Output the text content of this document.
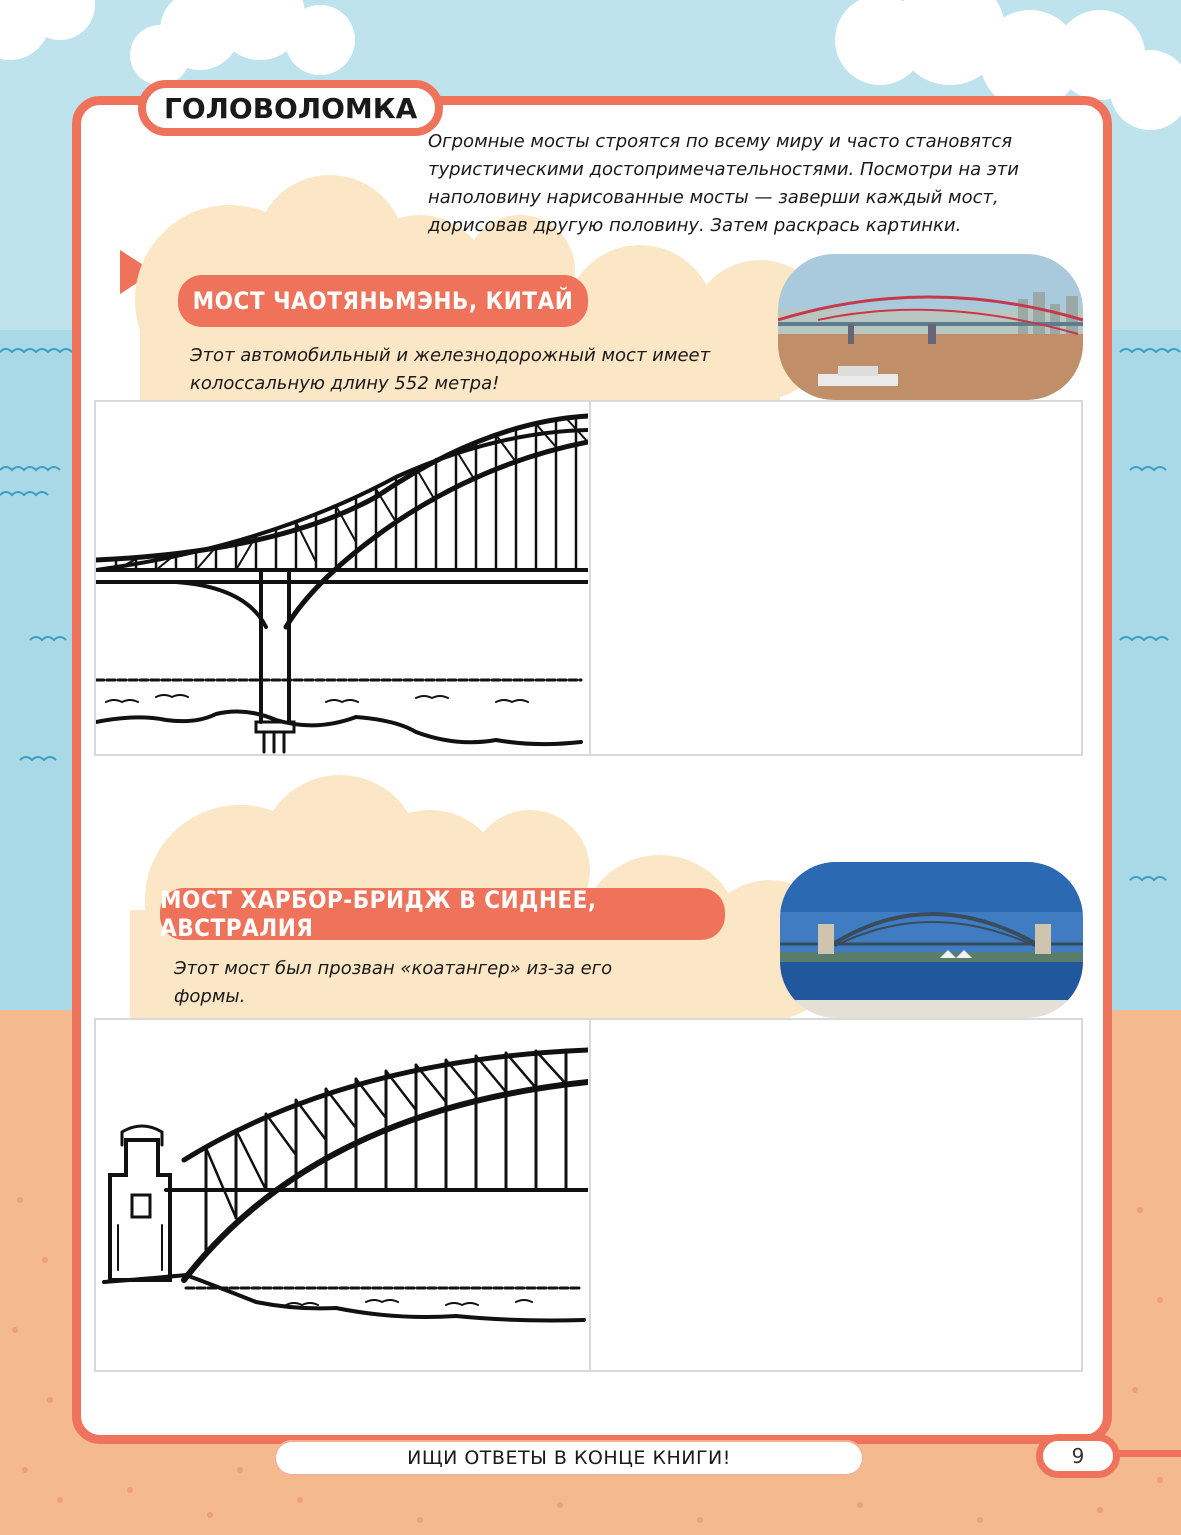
ГОЛОВОЛОМКА
Огромные мосты строятся по всему миру и часто становятся туристическими достопримечательностями. Посмотри на эти наполовину нарисованные мосты — заверши каждый мост, дорисовав другую половину. Затем раскрась картинки.
МОСТ ЧАОТЯНЬМЭНЬ, КИТАЙ
Этот автомобильный и железнодорожный мост имеет колоссальную длину 552 метра!
МОСТ ХАРБОР-БРИДЖ В СИДНЕЕ, АВСТРАЛИЯ
Этот мост был прозван «коатангер» из-за его формы.
ИЩИ ОТВЕТЫ В КОНЦЕ КНИГИ!	9
